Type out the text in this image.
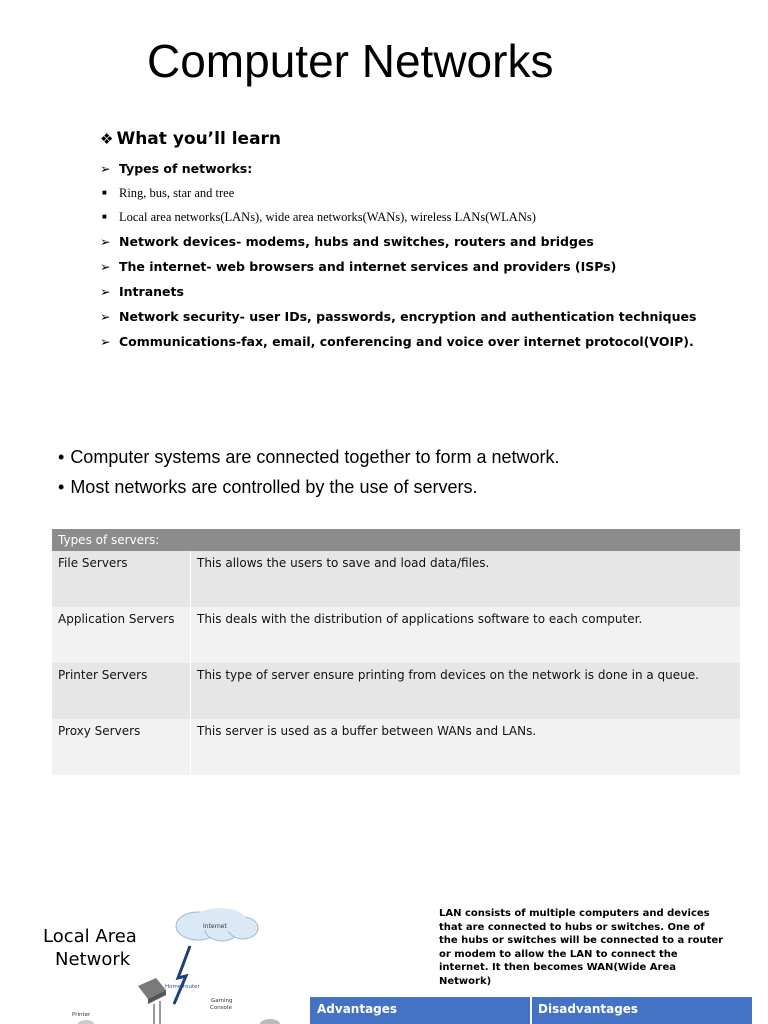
Computer Networks
❖ What you’ll learn
➢ Types of networks:
■ Ring, bus, star and tree
■ Local area networks(LANs), wide area networks(WANs), wireless LANs(WLANs)
➢ Network devices- modems, hubs and switches, routers and bridges
➢ The internet- web browsers and internet services and providers (ISPs)
➢ Intranets
➢ Network security- user IDs, passwords, encryption and authentication techniques
➢ Communications-fax, email, conferencing and voice over internet protocol(VOIP).
• Computer systems are connected together to form a network.
• Most networks are controlled by the use of servers.
Types of servers:	
File Servers	This allows the users to save and load data/files.
Application Servers	This deals with the distribution of applications software to each computer.
Printer Servers	This type of server ensure printing from devices on the network is done in a queue.
Proxy Servers	This server is used as a buffer between WANs and LANs.
Local Area
Network
Internet
Home router
Gaming
Console
Printer
LAN consists of multiple computers and devices that are connected to hubs or switches. One of the hubs or switches will be connected to a router or modem to allow the LAN to connect the internet. It then becomes WAN(Wide Area Network)
Advantages	Disadvantages
